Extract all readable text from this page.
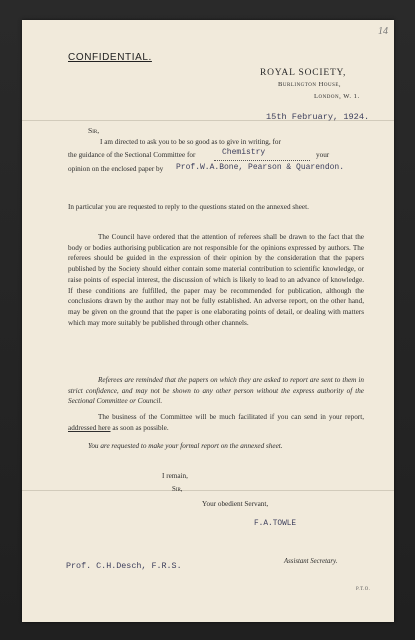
14
CONFIDENTIAL.
ROYAL SOCIETY,
Burlington House,
London, W. 1.
15th February, 1924.
Sir,
I am directed to ask you to be so good as to give in writing, for
the guidance of the Sectional Committee for	Chemistry	your
opinion on the enclosed paper by Prof.W.A.Bone, Pearson & Quarendon.
In particular you are requested to reply to the questions stated on the annexed sheet.
The Council have ordered that the attention of referees shall be drawn to the fact that the body or bodies authorising publication are not responsible for the opinions expressed by authors. The referees should be guided in the expression of their opinion by the consideration that the papers published by the Society should either contain some material contribution to scientific knowledge, or raise points of especial interest, the discussion of which is likely to lead to an advance of knowledge. If these conditions are fulfilled, the paper may be recommended for publication, although the conclusions drawn by the author may not be fully established. An adverse report, on the other hand, may be given on the ground that the paper is one elaborating points of detail, or dealing with matters which may more suitably be published through other channels.
Referees are reminded that the papers on which they are asked to report are sent to them in strict confidence, and may not be shown to any other person without the express authority of the Sectional Committee or Council.
The business of the Committee will be much facilitated if you can send in your report, addressed here as soon as possible.
You are requested to make your formal report on the annexed sheet.
I remain,
Sir,
Your obedient Servant,
F.A.TOWLE
Assistant Secretary.
Prof. C.H.Desch, F.R.S.
P.T.O.
